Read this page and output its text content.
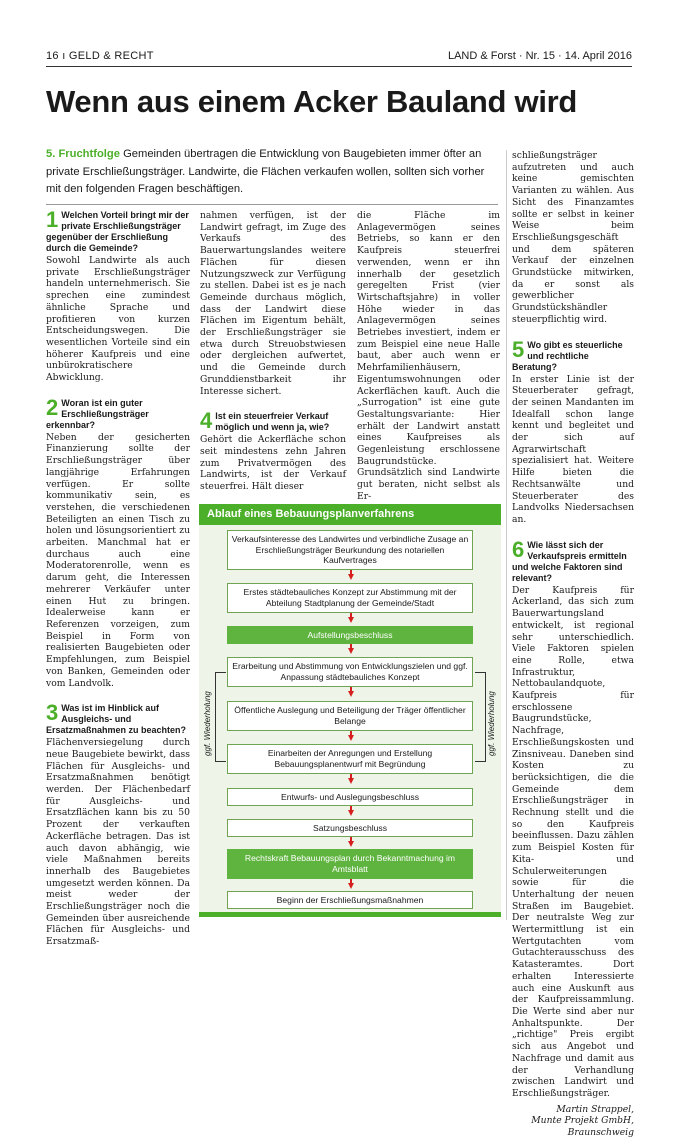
16 ı GELD & RECHT	LAND & Forst · Nr. 15 · 14. April 2016
Wenn aus einem Acker Bauland wird
5. Fruchtfolge Gemeinden übertragen die Entwicklung von Baugebieten immer öfter an private Erschließungsträger. Landwirte, die Flächen verkaufen wollen, sollten sich vorher mit den folgenden Fragen beschäftigen.
1 Welchen Vorteil bringt mir der private Erschließungsträger gegenüber der Erschließung durch die Gemeinde?

Sowohl Landwirte als auch private Erschließungsträger handeln unternehmerisch. Sie sprechen eine zumindest ähnliche Sprache und profitieren von kurzen Entscheidungswegen. Die wesentlichen Vorteile sind ein höherer Kaufpreis und eine unbürokratischere Abwicklung.

2 Woran ist ein guter Erschließungsträger erkennbar?

Neben der gesicherten Finanzierung sollte der Erschließungsträger über langjährige Erfahrungen verfügen. Er sollte kommunikativ sein, es verstehen, die verschiedenen Beteiligten an einen Tisch zu holen und lösungsorientiert zu arbeiten. Manchmal hat er durchaus auch eine Moderatorenrolle, wenn es darum geht, die Interessen mehrerer Verkäufer unter einen Hut zu bringen. Idealerweise kann er Referenzen vorzeigen, zum Beispiel in Form von realisierten Baugebieten oder Empfehlungen, zum Beispiel von Banken, Gemeinden oder vom Landvolk.

3 Was ist im Hinblick auf Ausgleichs- und Ersatzmaßnahmen zu beachten?

Flächenversiegelung durch neue Baugebiete bewirkt, dass Flächen für Ausgleichs- und Ersatzmaßnahmen benötigt werden. Der Flächenbedarf für Ausgleichs- und Ersatzflächen kann bis zu 50 Prozent der verkauften Ackerfläche betragen. Das ist auch davon abhängig, wie viele Maßnahmen bereits innerhalb des Baugebietes umgesetzt werden können. Da meist weder der Erschließungsträger noch die Gemeinden über ausreichende Flächen für Ausgleichs- und Ersatzmaß-

nahmen verfügen, ist der Landwirt gefragt, im Zuge des Verkaufs des Bauerwartungslandes weitere Flächen für diesen Nutzungszweck zur Verfügung zu stellen. Dabei ist es je nach Gemeinde durchaus möglich, dass der Landwirt diese Flächen im Eigentum behält, der Erschließungsträger sie etwa durch Streuobstwiesen oder dergleichen aufwertet, und die Gemeinde durch Grunddienstbarkeit ihr Interesse sichert.

4 Ist ein steuerfreier Verkauf möglich und wenn ja, wie?

Gehört die Ackerfläche schon seit mindestens zehn Jahren zum Privatvermögen des Landwirts, ist der Verkauf steuerfrei. Hält dieser

die Fläche im Anlagevermögen seines Betriebs, so kann er den Kaufpreis steuerfrei verwenden, wenn er ihn innerhalb der gesetzlich geregelten Frist (vier Wirtschaftsjahre) in voller Höhe wieder in das Anlagevermögen seines Betriebes investiert, indem er zum Beispiel eine neue Halle baut, aber auch wenn er Mehrfamilienhäusern, Eigentumswohnungen oder Ackerflächen kauft. Auch die „Surrogation" ist eine gute Gestaltungsvariante: Hier erhält der Landwirt anstatt eines Kaufpreises als Gegenleistung erschlossene Baugrundstücke. Grundsätzlich sind Landwirte gut beraten, nicht selbst als Er-

schließungsträger aufzutreten und auch keine gemischten Varianten zu wählen. Aus Sicht des Finanzamtes sollte er selbst in keiner Weise beim Erschließungsgeschäft und dem späteren Verkauf der einzelnen Grundstücke mitwirken, da er sonst als gewerblicher Grundstückshändler steuerpflichtig wird.

5 Wo gibt es steuerliche und rechtliche Beratung?

In erster Linie ist der Steuerberater gefragt, der seinen Mandanten im Idealfall schon lange kennt und begleitet und der sich auf Agrarwirtschaft spezialisiert hat. Weitere Hilfe bieten die Rechtsanwälte und Steuerberater des Landvolks Niedersachsen an.

6 Wie lässt sich der Verkaufspreis ermitteln und welche Faktoren sind relevant?

Der Kaufpreis für Ackerland, das sich zum Bauerwartungsland entwickelt, ist regional sehr unterschiedlich. Viele Faktoren spielen eine Rolle, etwa Infrastruktur, Nettobaulandquote, Kaufpreis für erschlossene Baugrundstücke, Nachfrage, Erschließungskosten und Zinsniveau. Daneben sind Kosten zu berücksichtigen, die die Gemeinde dem Erschließungsträger in Rechnung stellt und die so den Kaufpreis beeinflussen. Dazu zählen zum Beispiel Kosten für Kita- und Schulerweiterungen sowie für die Unterhaltung der neuen Straßen im Baugebiet. Der neutralste Weg zur Wertermittlung ist ein Wertgutachten vom Gutachterausschuss des Katasteramtes. Dort erhalten Interessierte auch eine Auskunft aus der Kaufpreissammlung. Die Werte sind aber nur Anhaltspunkte. Der „richtige" Preis ergibt sich aus Angebot und Nachfrage und damit aus der Verhandlung zwischen Landwirt und Erschließungsträger.

Martin Strappel,
Munte Projekt GmbH,
Braunschweig
Ablauf eines Bebauungsplanverfahrens
Verkaufsinteresse des Landwirtes und verbindliche Zusage an Erschließungsträger Beurkundung des notariellen Kaufvertrages
Erstes städtebauliches Konzept zur Abstimmung mit der Abteilung Stadtplanung der Gemeinde/Stadt
Aufstellungsbeschluss
Erarbeitung und Abstimmung von Entwicklungszielen und ggf. Anpassung städtebauliches Konzept
Öffentliche Auslegung und Beteiligung der Träger öffentlicher Belange
Einarbeiten der Anregungen und Erstellung Bebauungsplanentwurf mit Begründung
Entwurfs- und Auslegungsbeschluss
Satzungsbeschluss
Rechtskraft Bebauungsplan durch Bekanntmachung im Amtsblatt
Beginn der Erschließungsmaßnahmen
ggf. Wiederholung	ggf. Wiederholung
